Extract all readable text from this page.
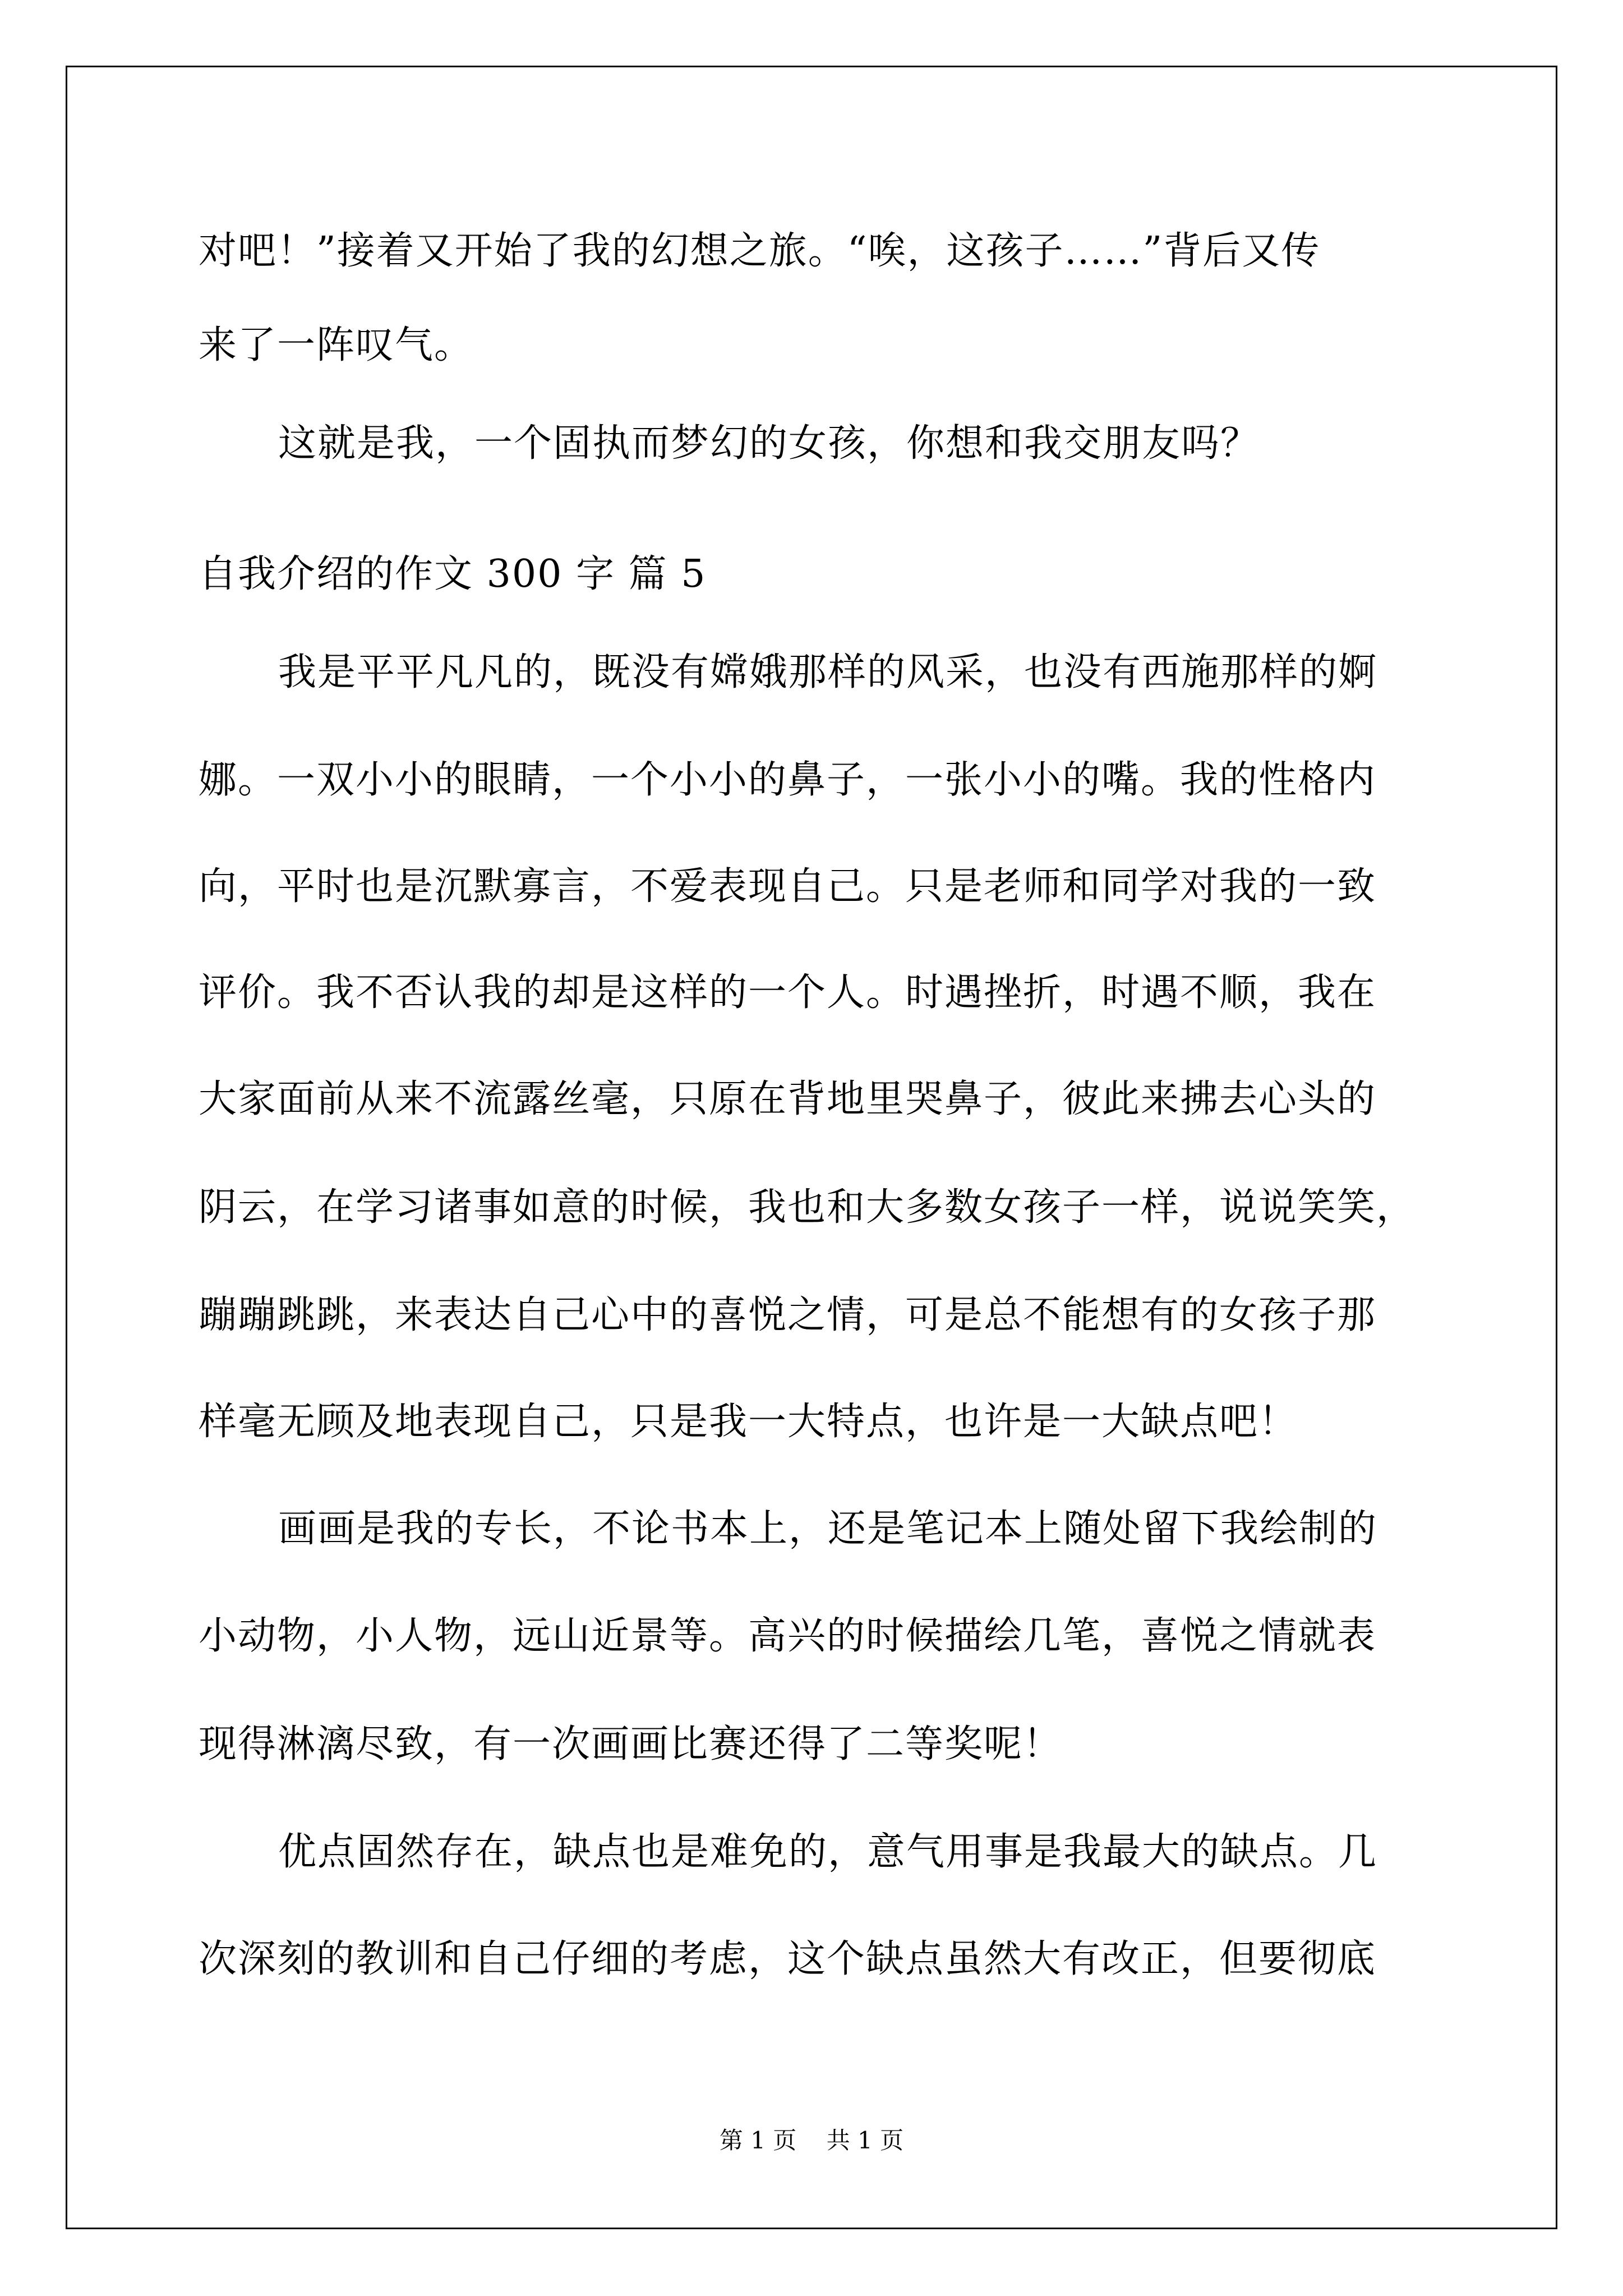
对吧！”接着又开始了我的幻想之旅。“唉，这孩子……”背后又传
来了一阵叹气。
这就是我，一个固执而梦幻的女孩，你想和我交朋友吗？
自我介绍的作文 300 字 篇 5
我是平平凡凡的，既没有嫦娥那样的风采，也没有西施那样的婀
娜。一双小小的眼睛，一个小小的鼻子，一张小小的嘴。我的性格内
向，平时也是沉默寡言，不爱表现自己。只是老师和同学对我的一致
评价。我不否认我的却是这样的一个人。时遇挫折，时遇不顺，我在
大家面前从来不流露丝毫，只原在背地里哭鼻子，彼此来拂去心头的
阴云，在学习诸事如意的时候，我也和大多数女孩子一样，说说笑笑，
蹦蹦跳跳，来表达自己心中的喜悦之情，可是总不能想有的女孩子那
样毫无顾及地表现自己，只是我一大特点，也许是一大缺点吧！
画画是我的专长，不论书本上，还是笔记本上随处留下我绘制的
小动物，小人物，远山近景等。高兴的时候描绘几笔，喜悦之情就表
现得淋漓尽致，有一次画画比赛还得了二等奖呢！
优点固然存在，缺点也是难免的，意气用事是我最大的缺点。几
次深刻的教训和自己仔细的考虑，这个缺点虽然大有改正，但要彻底
第 1 页    共 1 页
